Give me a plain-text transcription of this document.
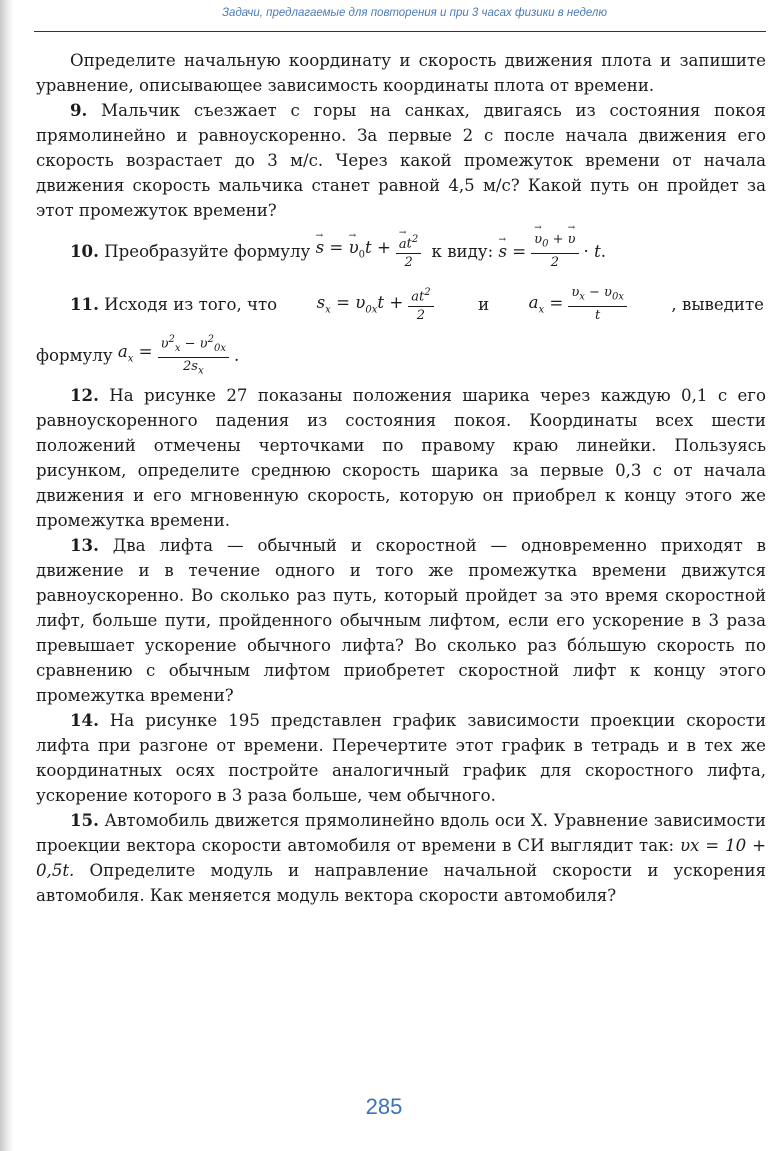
Задачи, предлагаемые для повторения и при 3 часах физики в неделю

Определите начальную координату и скорость движения плота и запишите уравнение, описывающее зависимость координаты плота от времени.

9. Мальчик съезжает с горы на санках, двигаясь из состояния покоя прямолинейно и равноускоренно. За первые 2 с после начала движения его скорость возрастает до 3 м/с. Через какой промежуток времени от начала движения скорость мальчика станет равной 4,5 м/с? Какой путь он пройдет за этот промежуток времени?

10.
Преобразуйте формулу
→ s = → $\upsilon_0t$ + → $\frac{at^2}{2}$
к виду:
→ s = → $\frac{\upsilon_0 + \to \upsilon}{2} \cdot t$.
11. Исходя из того, что $s_x = \upsilon_{0x}t + \frac{at^2}{2}$	и $a_x = \frac{\upsilon_x - \upsilon_{0x}}{t}$	, выведите
формулу
$a_x = \frac{\upsilon^2_x - \upsilon^2_{0x}}{2s_x}$ .

12. На рисунке 27 показаны положения шарика через каждую 0,1 с его равноускоренного падения из состояния покоя. Координаты всех шести положений отмечены черточками по правому краю линейки. Пользуясь рисунком, определите среднюю скорость шарика за первые 0,3 с от начала движения и его мгновенную скорость, которую он приобрел к концу этого же промежутка времени.

13. Два лифта — обычный и скоростной — одновременно приходят в движение и в течение одного и того же промежутка времени движутся равноускоренно. Во сколько раз путь, который пройдет за это время скоростной лифт, больше пути, пройденного обычным лифтом, если его ускорение в 3 раза превышает ускорение обычного лифта? Во сколько раз бóльшую скорость по сравнению с обычным лифтом приобретет скоростной лифт к концу этого промежутка времени?

14. На рисунке 195 представлен график зависимости проекции скорости лифта при разгоне от времени. Перечертите этот график в тетрадь и в тех же координатных осях постройте аналогичный график для скоростного лифта, ускорение которого в 3 раза больше, чем обычного.

15. Автомобиль движется прямолинейно вдоль оси X. Уравнение зависимости проекции вектора скорости автомобиля от времени в СИ выглядит так: υx = 10 + 0,5t. Определите модуль и направление начальной скорости и ускорения автомобиля. Как меняется модуль вектора скорости автомобиля?

285
